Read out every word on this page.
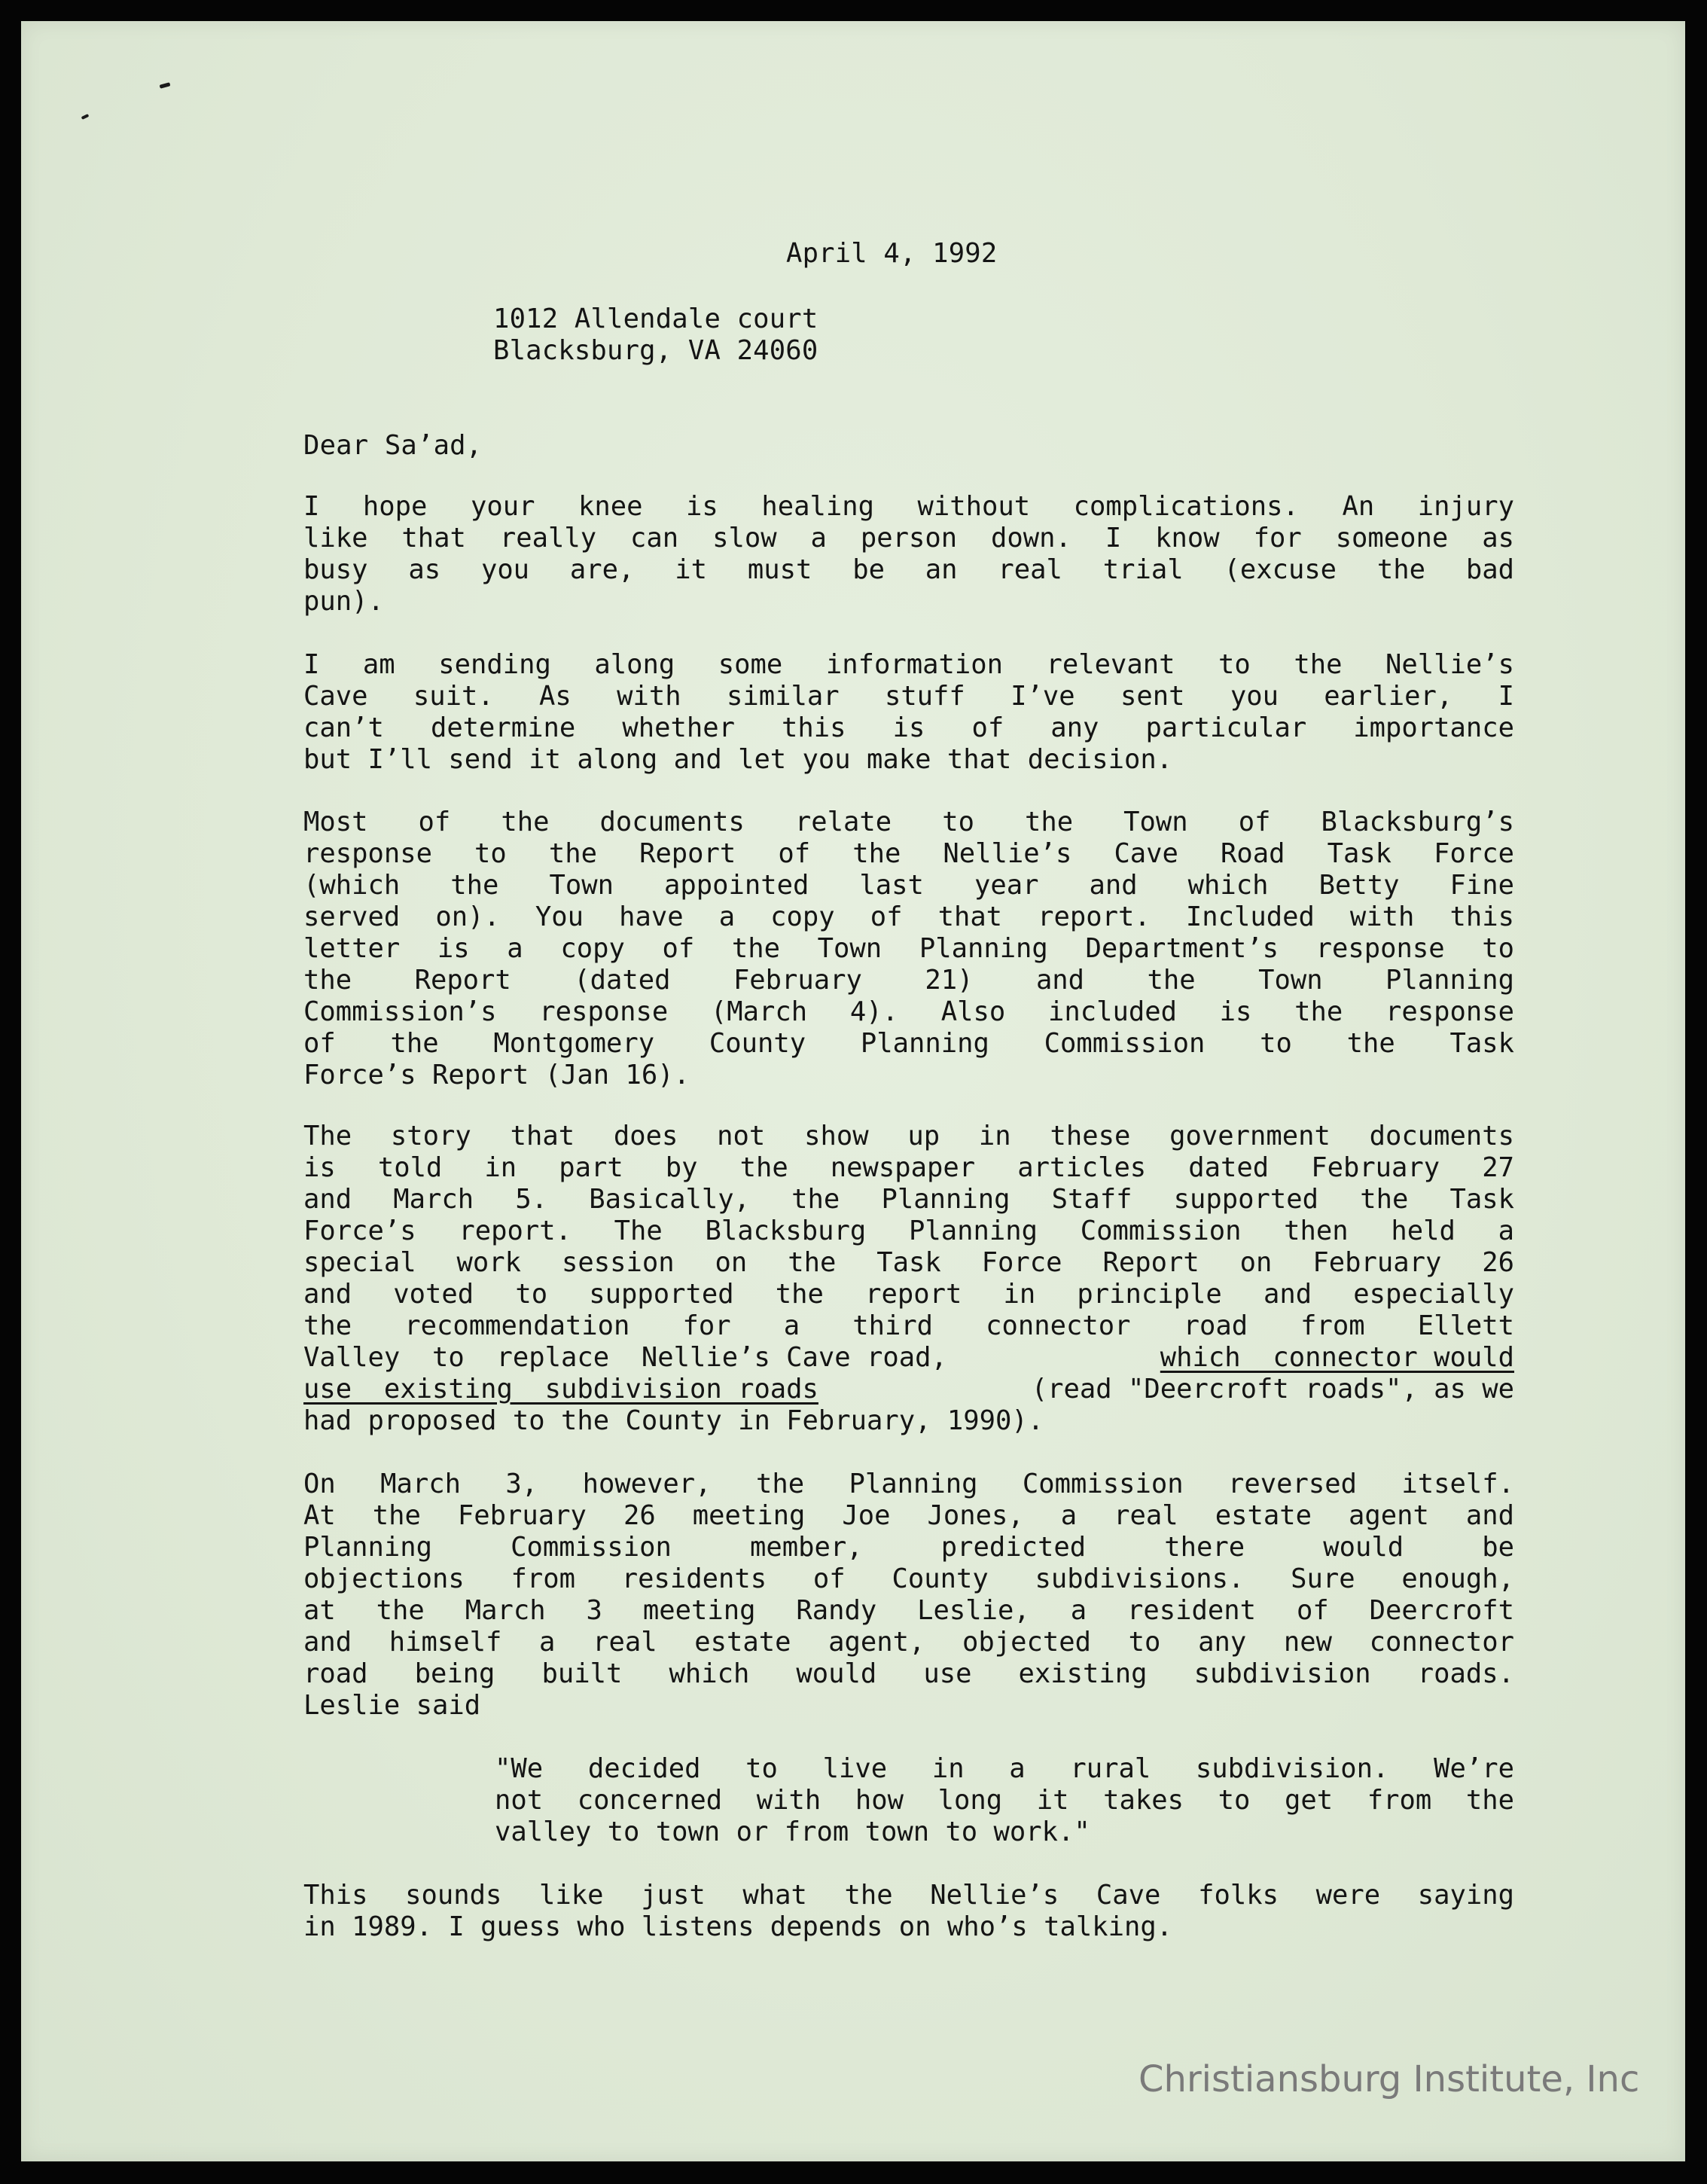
April 4, 1992
1012 Allendale court
Blacksburg, VA 24060
Dear Sa’ad,
I hope your knee is healing without complications. An injury
like that really can slow a person down. I know for someone as
busy as you are, it must be an real trial (excuse the bad
pun).
I am sending along some information relevant to the Nellie’s
Cave suit. As with similar stuff I’ve sent you earlier, I
can’t determine whether this is of any particular importance
but I’ll send it along and let you make that decision.
Most of the documents relate to the Town of Blacksburg’s
response to the Report of the Nellie’s Cave Road Task Force
(which the Town appointed last year and which Betty Fine
served on). You have a copy of that report. Included with this
letter is a copy of the Town Planning Department’s response to
the Report (dated February 21) and the Town Planning
Commission’s response (March 4). Also included is the response
of the Montgomery County Planning Commission to the Task
Force’s Report (Jan 16).
The story that does not show up in these government documents
is told in part by the newspaper articles dated February 27
and March 5. Basically, the Planning Staff supported the Task
Force’s report. The Blacksburg Planning Commission then held a
special work session on the Task Force Report on February 26
and voted to supported the report in principle and especially
the recommendation for a third connector road from Ellett
Valley  to  replace  Nellie’s Cave road,	which  connector would
use  existing  subdivision roads	(read "Deercroft roads", as we
had proposed to the County in February, 1990).
On March 3, however, the Planning Commission reversed itself.
At the February 26 meeting Joe Jones, a real estate agent and
Planning Commission member, predicted there would be
objections from residents of County subdivisions. Sure enough,
at the March 3 meeting Randy Leslie, a resident of Deercroft
and himself a real estate agent, objected to any new connector
road being built which would use existing subdivision roads.
Leslie said
"We decided to live in a rural subdivision. We’re
not concerned with how long it takes to get from the
valley to town or from town to work."
This sounds like just what the Nellie’s Cave folks were saying
in 1989. I guess who listens depends on who’s talking.
Christiansburg Institute, Inc
